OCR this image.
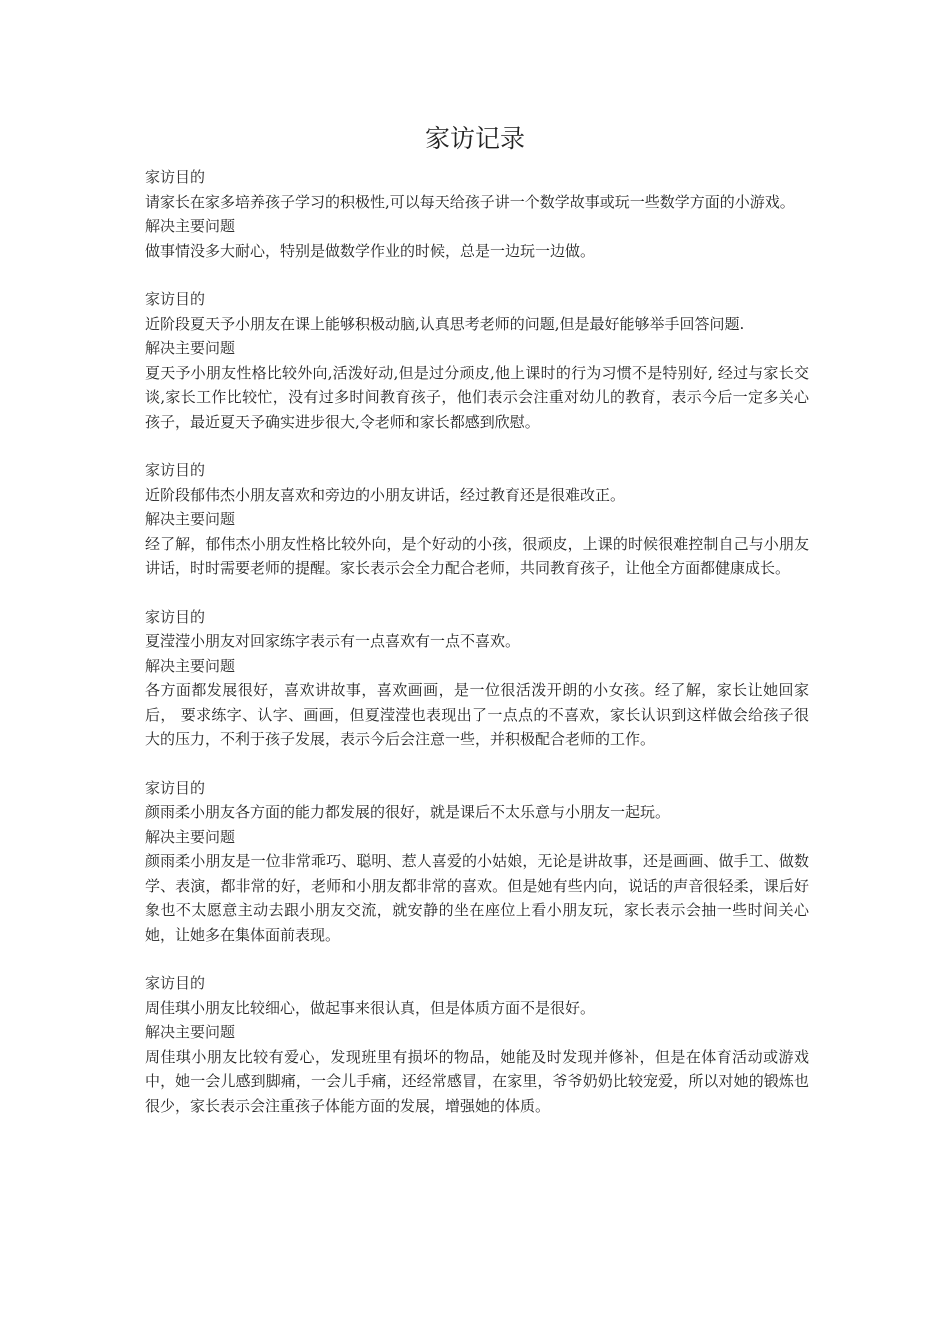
家访记录

家访目的

请家长在家多培养孩子学习的积极性,可以每天给孩子讲一个数学故事或玩一些数学方面的小游戏。

解决主要问题

做事情没多大耐心，特别是做数学作业的时候，总是一边玩一边做。

家访目的

近阶段夏天予小朋友在课上能够积极动脑,认真思考老师的问题,但是最好能够举手回答问题.

解决主要问题

夏天予小朋友性格比较外向,活泼好动,但是过分顽皮,他上课时的行为习惯不是特别好, 经过与家长交谈,家长工作比较忙，没有过多时间教育孩子，他们表示会注重对幼儿的教育，表示今后一定多关心孩子，最近夏天予确实进步很大,令老师和家长都感到欣慰。

家访目的

近阶段郁伟杰小朋友喜欢和旁边的小朋友讲话，经过教育还是很难改正。

解决主要问题

经了解，郁伟杰小朋友性格比较外向，是个好动的小孩，很顽皮，上课的时候很难控制自己与小朋友讲话，时时需要老师的提醒。家长表示会全力配合老师，共同教育孩子，让他全方面都健康成长。

家访目的

夏滢滢小朋友对回家练字表示有一点喜欢有一点不喜欢。

解决主要问题

各方面都发展很好，喜欢讲故事，喜欢画画，是一位很活泼开朗的小女孩。经了解，家长让她回家后， 要求练字、认字、画画，但夏滢滢也表现出了一点点的不喜欢，家长认识到这样做会给孩子很大的压力，不利于孩子发展，表示今后会注意一些，并积极配合老师的工作。

家访目的

颜雨柔小朋友各方面的能力都发展的很好，就是课后不太乐意与小朋友一起玩。

解决主要问题

颜雨柔小朋友是一位非常乖巧、聪明、惹人喜爱的小姑娘，无论是讲故事，还是画画、做手工、做数学、表演，都非常的好，老师和小朋友都非常的喜欢。但是她有些内向，说话的声音很轻柔，课后好象也不太愿意主动去跟小朋友交流，就安静的坐在座位上看小朋友玩，家长表示会抽一些时间关心她，让她多在集体面前表现。

家访目的

周佳琪小朋友比较细心，做起事来很认真，但是体质方面不是很好。

解决主要问题

周佳琪小朋友比较有爱心，发现班里有损坏的物品，她能及时发现并修补，但是在体育活动或游戏中，她一会儿感到脚痛，一会儿手痛，还经常感冒，在家里，爷爷奶奶比较宠爱，所以对她的锻炼也很少，家长表示会注重孩子体能方面的发展，增强她的体质。
